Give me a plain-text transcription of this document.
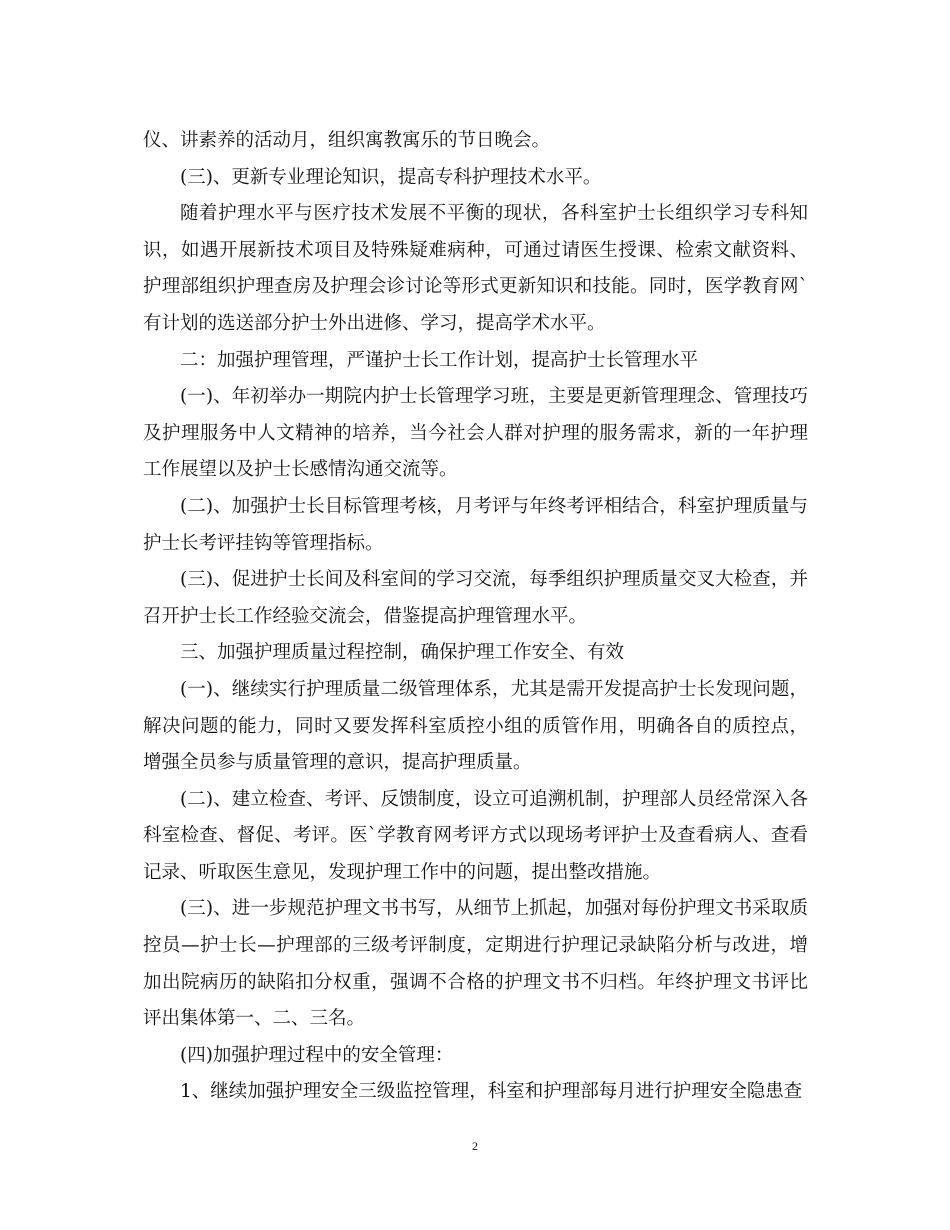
仪、讲素养的活动月，组织寓教寓乐的节日晚会。

(三)、更新专业理论知识，提高专科护理技术水平。

随着护理水平与医疗技术发展不平衡的现状，各科室护士长组织学习专科知识，如遇开展新技术项目及特殊疑难病种，可通过请医生授课、检索文献资料、护理部组织护理查房及护理会诊讨论等形式更新知识和技能。同时，医学教育网`有计划的选送部分护士外出进修、学习，提高学术水平。

二：加强护理管理，严谨护士长工作计划，提高护士长管理水平

(一)、年初举办一期院内护士长管理学习班，主要是更新管理理念、管理技巧及护理服务中人文精神的培养，当今社会人群对护理的服务需求，新的一年护理工作展望以及护士长感情沟通交流等。

(二)、加强护士长目标管理考核，月考评与年终考评相结合，科室护理质量与护士长考评挂钩等管理指标。

(三)、促进护士长间及科室间的学习交流，每季组织护理质量交叉大检查，并召开护士长工作经验交流会，借鉴提高护理管理水平。

三、加强护理质量过程控制，确保护理工作安全、有效

(一)、继续实行护理质量二级管理体系，尤其是需开发提高护士长发现问题，解决问题的能力，同时又要发挥科室质控小组的质管作用，明确各自的质控点，增强全员参与质量管理的意识，提高护理质量。

(二)、建立检查、考评、反馈制度，设立可追溯机制，护理部人员经常深入各科室检查、督促、考评。医`学教育网考评方式以现场考评护士及查看病人、查看记录、听取医生意见，发现护理工作中的问题，提出整改措施。

(三)、进一步规范护理文书书写，从细节上抓起，加强对每份护理文书采取质控员—护士长—护理部的三级考评制度，定期进行护理记录缺陷分析与改进，增加出院病历的缺陷扣分权重，强调不合格的护理文书不归档。年终护理文书评比评出集体第一、二、三名。

(四)加强护理过程中的安全管理：

1、继续加强护理安全三级监控管理，科室和护理部每月进行护理安全隐患查

2
